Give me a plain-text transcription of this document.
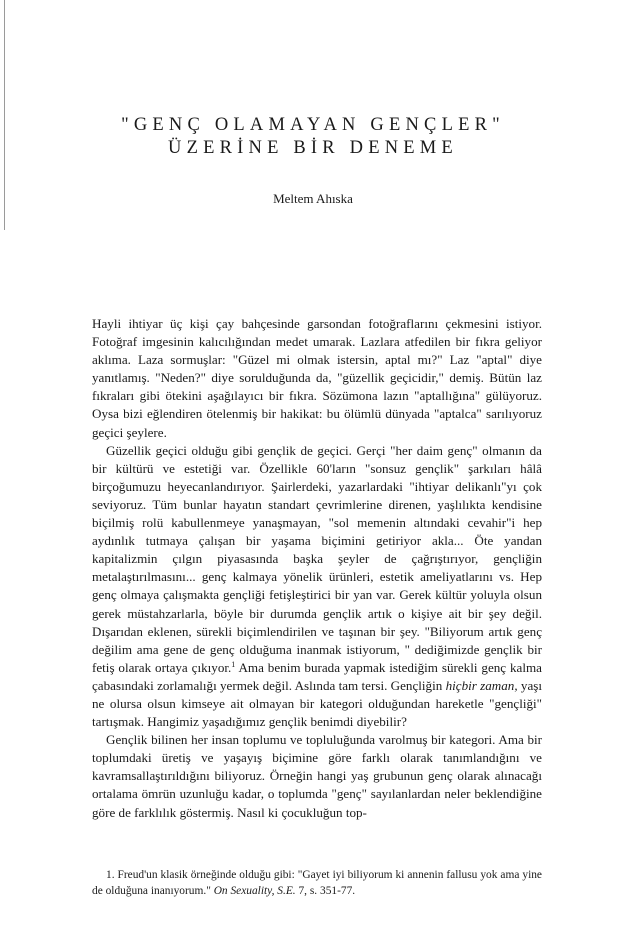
"GENÇ OLAMAYAN GENÇLER"
ÜZERİNE BİR DENEME
Meltem Ahıska

Hayli ihtiyar üç kişi çay bahçesinde garsondan fotoğraflarını çekmesini istiyor. Fotoğraf imgesinin kalıcılığından medet umarak. Lazlara atfedilen bir fıkra geliyor aklıma. Laza sormuşlar: "Güzel mi olmak istersin, aptal mı?" Laz "aptal" diye yanıtlamış. "Neden?" diye sorulduğunda da, "güzellik geçicidir," demiş. Bütün laz fıkraları gibi ötekini aşağılayıcı bir fıkra. Sözümona lazın "aptallığına" gülüyoruz. Oysa bizi eğlendiren ötelenmiş bir hakikat: bu ölümlü dünyada "aptalca" sarılıyoruz geçici şeylere.

Güzellik geçici olduğu gibi gençlik de geçici. Gerçi "her daim genç" olmanın da bir kültürü ve estetiği var. Özellikle 60'ların "sonsuz gençlik" şarkıları hâlâ birçoğumuzu heyecanlandırıyor. Şairlerdeki, yazarlardaki "ihtiyar delikanlı"yı çok seviyoruz. Tüm bunlar hayatın standart çevrimlerine direnen, yaşlılıkta kendisine biçilmiş rolü kabullenmeye yanaşmayan, "sol memenin altındaki cevahir"i hep aydınlık tutmaya çalışan bir yaşama biçimini getiriyor akla... Öte yandan kapitalizmin çılgın piyasasında başka şeyler de çağrıştırıyor, gençliğin metalaştırılmasını... genç kalmaya yönelik ürünleri, estetik ameliyatlarını vs. Hep genç olmaya çalışmakta gençliği fetişleştirici bir yan var. Gerek kültür yoluyla olsun gerek müstahzarlarla, böyle bir durumda gençlik artık o kişiye ait bir şey değil. Dışarıdan eklenen, sürekli biçimlendirilen ve taşınan bir şey. "Biliyorum artık genç değilim ama gene de genç olduğuma inanmak istiyorum, " dediğimizde gençlik bir fetiş olarak ortaya çıkıyor.$^1$ Ama benim burada yapmak istediğim sürekli genç kalma çabasındaki zorlamalığı yermek değil. Aslında tam tersi. Gençliğin hiçbir zaman, yaşı ne olursa olsun kimseye ait olmayan bir kategori olduğundan hareketle "gençliği" tartışmak. Hangimiz yaşadığımız gençlik benimdi diyebilir?

Gençlik bilinen her insan toplumu ve topluluğunda varolmuş bir kategori. Ama bir toplumdaki üretiş ve yaşayış biçimine göre farklı olarak tanımlandığını ve kavramsallaştırıldığını biliyoruz. Örneğin hangi yaş grubunun genç olarak alınacağı ortalama ömrün uzunluğu kadar, o toplumda "genç" sayılanlardan neler beklendiğine göre de farklılık göstermiş. Nasıl ki çocukluğun top-

1. Freud'un klasik örneğinde olduğu gibi: "Gayet iyi biliyorum ki annenin fallusu yok ama yine de olduğuna inanıyorum." On Sexuality, S.E. 7, s. 351-77.
